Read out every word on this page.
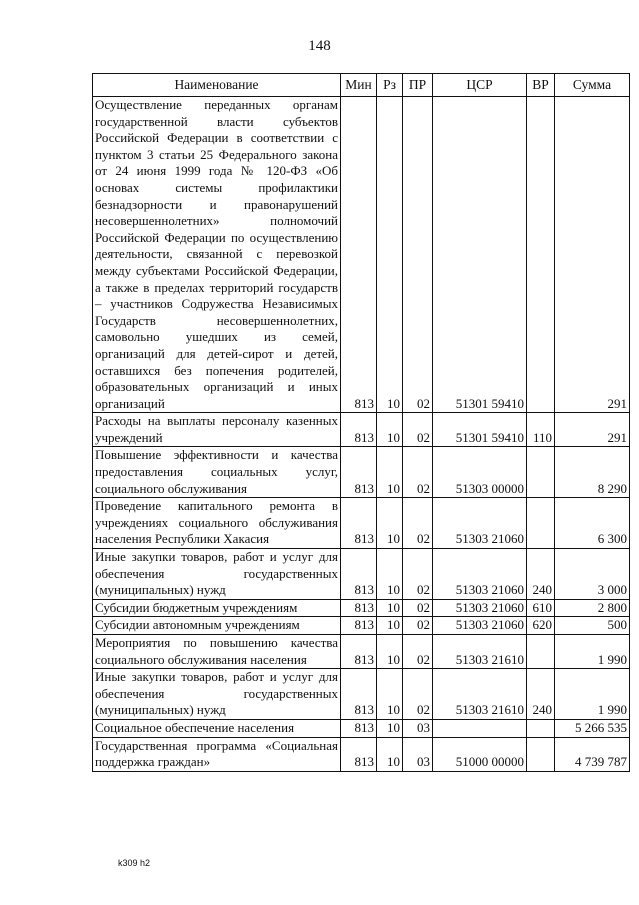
148
Наименование	Мин	Рз	ПР	ЦСР	ВР	Сумма
Осуществление переданных органам государственной власти субъектов Российской Федерации в соответствии с пунктом 3 статьи 25 Федерального закона от 24 июня 1999 года № 120-ФЗ «Об основах системы профилактики безнадзорности и правонарушений несовершеннолетних» полномочий Российской Федерации по осуществлению деятельности, связанной с перевозкой между субъектами Российской Федерации, а также в пределах территорий государств – участников Содружества Независимых Государств несовершеннолетних, самовольно ушедших из семей, организаций для детей-сирот и детей, оставшихся без попечения родителей, образовательных организаций и иных организаций	813	10	02	51301 59410		291
Расходы на выплаты персоналу казенных учреждений	813	10	02	51301 59410	110	291
Повышение эффективности и качества предоставления социальных услуг, социального обслуживания	813	10	02	51303 00000		8 290
Проведение капитального ремонта в учреждениях социального обслуживания населения Республики Хакасия	813	10	02	51303 21060		6 300
Иные закупки товаров, работ и услуг для обеспечения государственных (муниципальных) нужд	813	10	02	51303 21060	240	3 000
Субсидии бюджетным учреждениям	813	10	02	51303 21060	610	2 800
Субсидии автономным учреждениям	813	10	02	51303 21060	620	500
Мероприятия по повышению качества социального обслуживания населения	813	10	02	51303 21610		1 990
Иные закупки товаров, работ и услуг для обеспечения государственных (муниципальных) нужд	813	10	02	51303 21610	240	1 990
Социальное обеспечение населения	813	10	03			5 266 535
Государственная программа «Социальная поддержка граждан»	813	10	03	51000 00000		4 739 787
k309 h2
